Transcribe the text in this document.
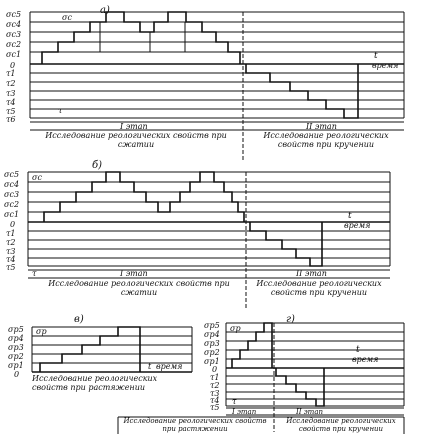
а)
σс5
σс4
σс3
σс2
σс1
0
τ1
τ2
τ3
τ4
τ5
τ6
σс
t
время
τ
I этап	II этап
Исследование реологических свойств при сжатии
Исследование реологических свойств при кручении
б)
σс5
σс4
σс3
σс2
σс1
0
τ1
τ2
τ3
τ4
τ5
σс
t
время
τ	I этап	II этап
Исследование реологических свойств при сжатии
Исследование реологических свойств при кручении
в)
σр5
σр4
σр3
σр2
σр1
0
σр
t время
Исследование реологических свойств при растяжении
г)
σр5
σр4
σр3
σр2
σр1
0
τ1
τ2
τ3
τ4
τ5
σр
t
время
τ
I этап	II этап
Исследование реологических свойств при растяжении
Исследование реологических свойств при кручении
